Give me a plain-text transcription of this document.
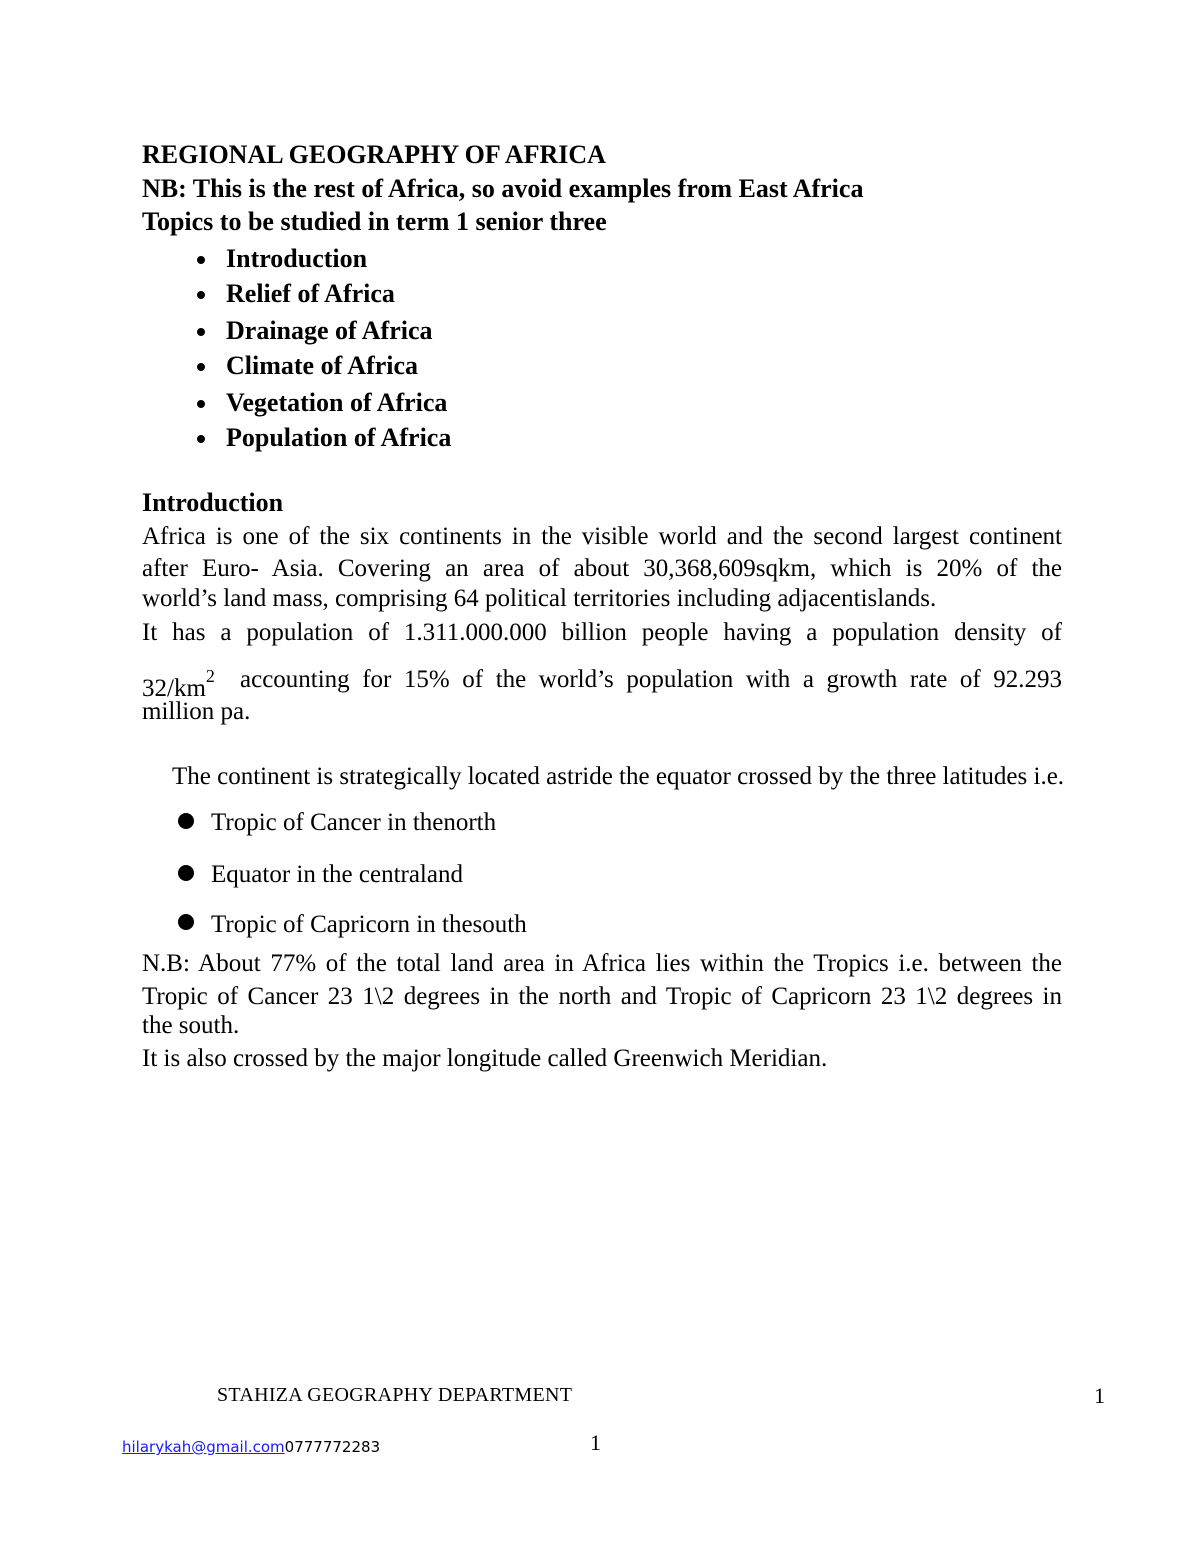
REGIONAL GEOGRAPHY OF AFRICA
NB: This is the rest of Africa, so avoid examples from East Africa
Topics to be studied in term 1 senior three
Introduction
Relief of Africa
Drainage of Africa
Climate of Africa
Vegetation of Africa
Population of Africa
Introduction
Africa is one of the six continents in the visible world and the second largest continent
after Euro- Asia. Covering an area of about 30,368,609sqkm, which is 20% of the
world’s land mass, comprising 64 political territories including adjacentislands.
It has a population of 1.311.000.000 billion people having a population density of
$32/km^2$ accounting for 15% of the world’s population with a growth rate of 92.293
million pa.
The continent is strategically located astride the equator crossed by the three latitudes i.e.
Tropic of Cancer in thenorth
Equator in the centraland
Tropic of Capricorn in thesouth
N.B: About 77% of the total land area in Africa lies within the Tropics i.e. between the
Tropic of Cancer 23 1\2 degrees in the north and Tropic of Capricorn 23 1\2 degrees in
the south.
It is also crossed by the major longitude called Greenwich Meridian.
STAHIZA GEOGRAPHY DEPARTMENT	1
hilarykah@gmail.com0777772283	1
